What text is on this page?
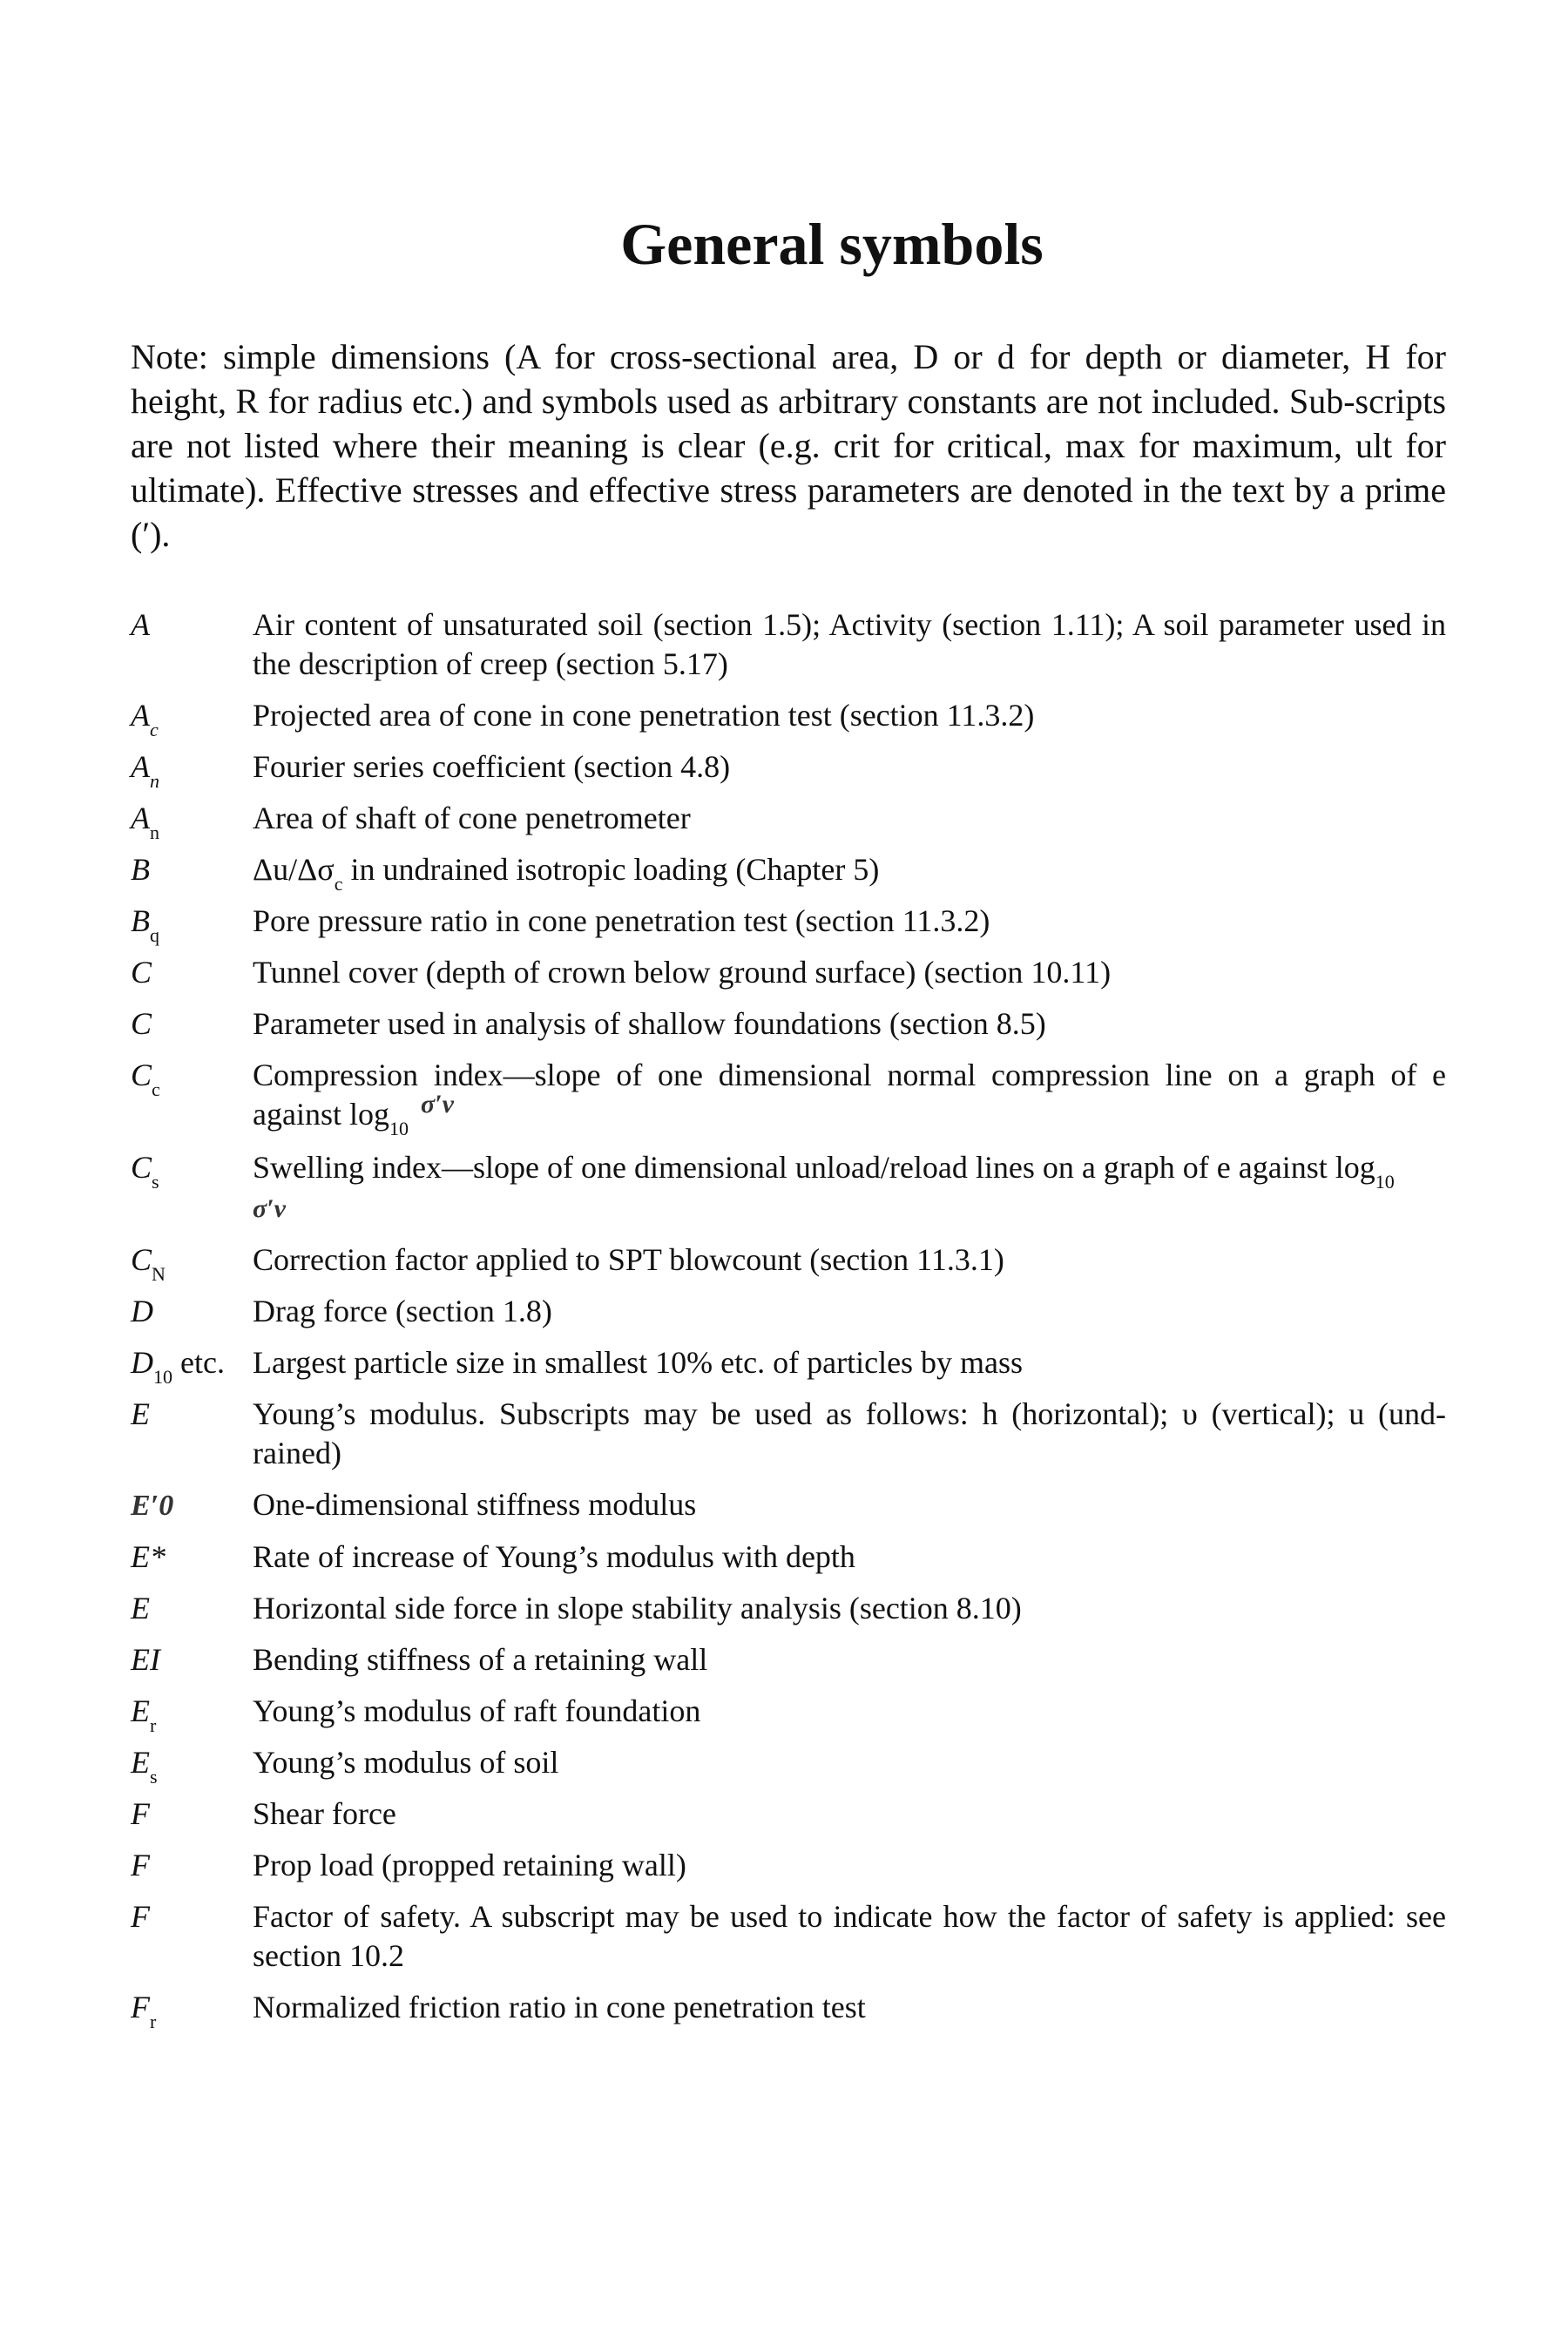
General symbols

Note: simple dimensions (A for cross-sectional area, D or d for depth or diameter, H for height, R for radius etc.) and symbols used as arbitrary constants are not included. Sub-scripts are not listed where their meaning is clear (e.g. crit for critical, max for maximum, ult for ultimate). Effective stresses and effective stress parameters are denoted in the text by a prime (′).

A	Air content of unsaturated soil (section 1.5); Activity (section 1.11); A soil parameter used in the description of creep (section 5.17)
$A_c$	Projected area of cone in cone penetration test (section 11.3.2)
$A_n$	Fourier series coefficient (section 4.8)
$A_n$	Area of shaft of cone penetrometer
B	$\Delta u/\Delta\sigma_c$ in undrained isotropic loading (Chapter 5)
$B_q$	Pore pressure ratio in cone penetration test (section 11.3.2)
C	Tunnel cover (depth of crown below ground surface) (section 10.11)
C	Parameter used in analysis of shallow foundations (section 8.5)
$C_c$	Compression index—slope of one dimensional normal compression line on a graph of e against $\log_{10}^{\sigma'v}$
$C_s$	Swelling index—slope of one dimensional unload/reload lines on a graph of e against $\log_{10}$
σ′v
$C_N$	Correction factor applied to SPT blowcount (section 11.3.1)
D	Drag force (section 1.8)
$D_{10}$ etc. Largest particle size in smallest 10% etc. of particles by mass
E	Young’s modulus. Subscripts may be used as follows: h (horizontal); υ (vertical); u (und-rained)
E′0	One-dimensional stiffness modulus
E*	Rate of increase of Young’s modulus with depth
E	Horizontal side force in slope stability analysis (section 8.10)
EI	Bending stiffness of a retaining wall
$E_r$	Young’s modulus of raft foundation
$E_s$	Young’s modulus of soil
F	Shear force
F	Prop load (propped retaining wall)
F	Factor of safety. A subscript may be used to indicate how the factor of safety is applied: see section 10.2
$F_r$	Normalized friction ratio in cone penetration test
